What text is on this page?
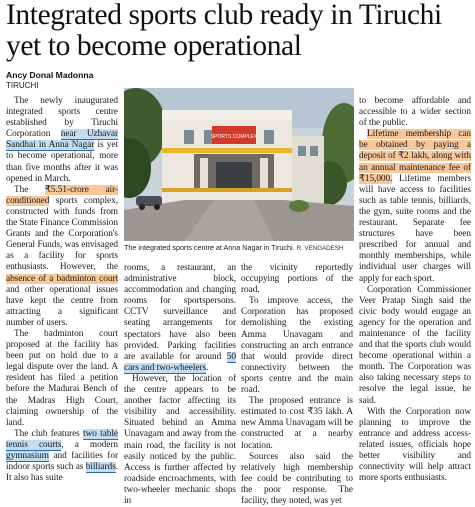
Integrated sports club ready in Tiruchi yet to become operational
Ancy Donal Madonna
TIRUCHI

The newly inaugurated integrated sports centre established by Tiruchi Corporation near Uzhavar Sandhai in Anna Nagar is yet to become operational, more than five months after it was opened in March.

The ₹5.51-crore air-conditioned sports complex, constructed with funds from the State Finance Commission Grants and the Corporation's General Funds, was envisaged as a facility for sports enthusiasts. However, the absence of a badminton court and other operational issues have kept the centre from attracting a significant number of users.

The badminton court proposed at the facility has been put on hold due to a legal dispute over the land. A resident has filed a petition before the Madurai Bench of the Madras High Court, claiming ownership of the land.

The club features two table tennis courts, a modern gymnasium and facilities for indoor sports such as billiards. It also has suite

SPORTS COMPLEX
The integrated sports centre at Anna Nagar in Tiruchi. R. VENGADESH

rooms, a restaurant, an administrative block, accommodation and changing rooms for sportspersons. CCTV surveillance and seating arrangements for spectators have also been provided. Parking facilities are available for around 50 cars and two-wheelers.

However, the location of the centre appears to be another factor affecting its visibility and accessibility. Situated behind an Amma Unavagam and away from the main road, the facility is not easily noticed by the public. Access is further affected by roadside encroachments, with two-wheeler mechanic shops in

the vicinity reportedly occupying portions of the road.

To improve access, the Corporation has proposed demolishing the existing Amma Unavagam and constructing an arch entrance that would provide direct connectivity between the sports centre and the main road.

The proposed entrance is estimated to cost ₹35 lakh. A new Amma Unavagam will be constructed at a nearby location.

Sources also said the relatively high membership fee could be contributing to the poor response. The facility, they noted, was yet

to become affordable and accessible to a wider section of the public.

Lifetime membership can be obtained by paying a deposit of ₹2 lakh, along with an annual maintenance fee of ₹15,000. Lifetime members will have access to facilities such as table tennis, billiards, the gym, suite rooms and the restaurant. Separate fee structures have been prescribed for annual and monthly memberships, while individual user charges will apply for each sport.

Corporation Commissioner Veer Pratap Singh said the civic body would engage an agency for the operation and maintenance of the facility and that the sports club would become operational within a month. The Corporation was also taking necessary steps to resolve the legal issue, he said.

With the Corporation now planning to improve the entrance and address access-related issues, officials hope better visibility and connectivity will help attract more sports enthusiasts.
